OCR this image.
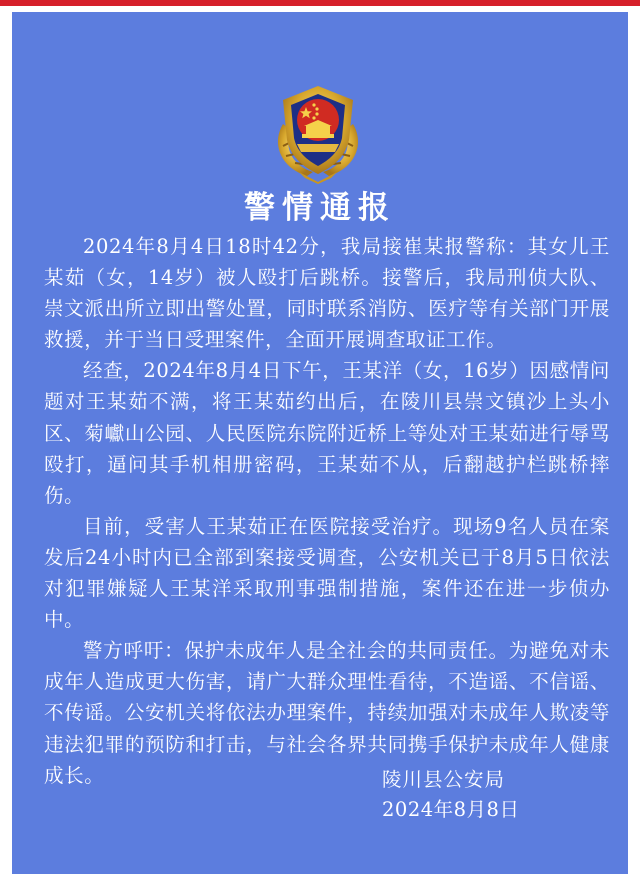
警情通报

2024年8月4日18时42分，我局接崔某报警称：其女儿王某茹（女，14岁）被人殴打后跳桥。接警后，我局刑侦大队、崇文派出所立即出警处置，同时联系消防、医疗等有关部门开展救援，并于当日受理案件，全面开展调查取证工作。

经查，2024年8月4日下午，王某洋（女，16岁）因感情问题对王某茹不满，将王某茹约出后，在陵川县崇文镇沙上头小区、菊巘山公园、人民医院东院附近桥上等处对王某茹进行辱骂殴打，逼问其手机相册密码，王某茹不从，后翻越护栏跳桥摔伤。

目前，受害人王某茹正在医院接受治疗。现场9名人员在案发后24小时内已全部到案接受调查，公安机关已于8月5日依法对犯罪嫌疑人王某洋采取刑事强制措施，案件还在进一步侦办中。

警方呼吁：保护未成年人是全社会的共同责任。为避免对未成年人造成更大伤害，请广大群众理性看待，不造谣、不信谣、不传谣。公安机关将依法办理案件，持续加强对未成年人欺凌等违法犯罪的预防和打击，与社会各界共同携手保护未成年人健康成长。	陵川县公安局
2024年8月8日
